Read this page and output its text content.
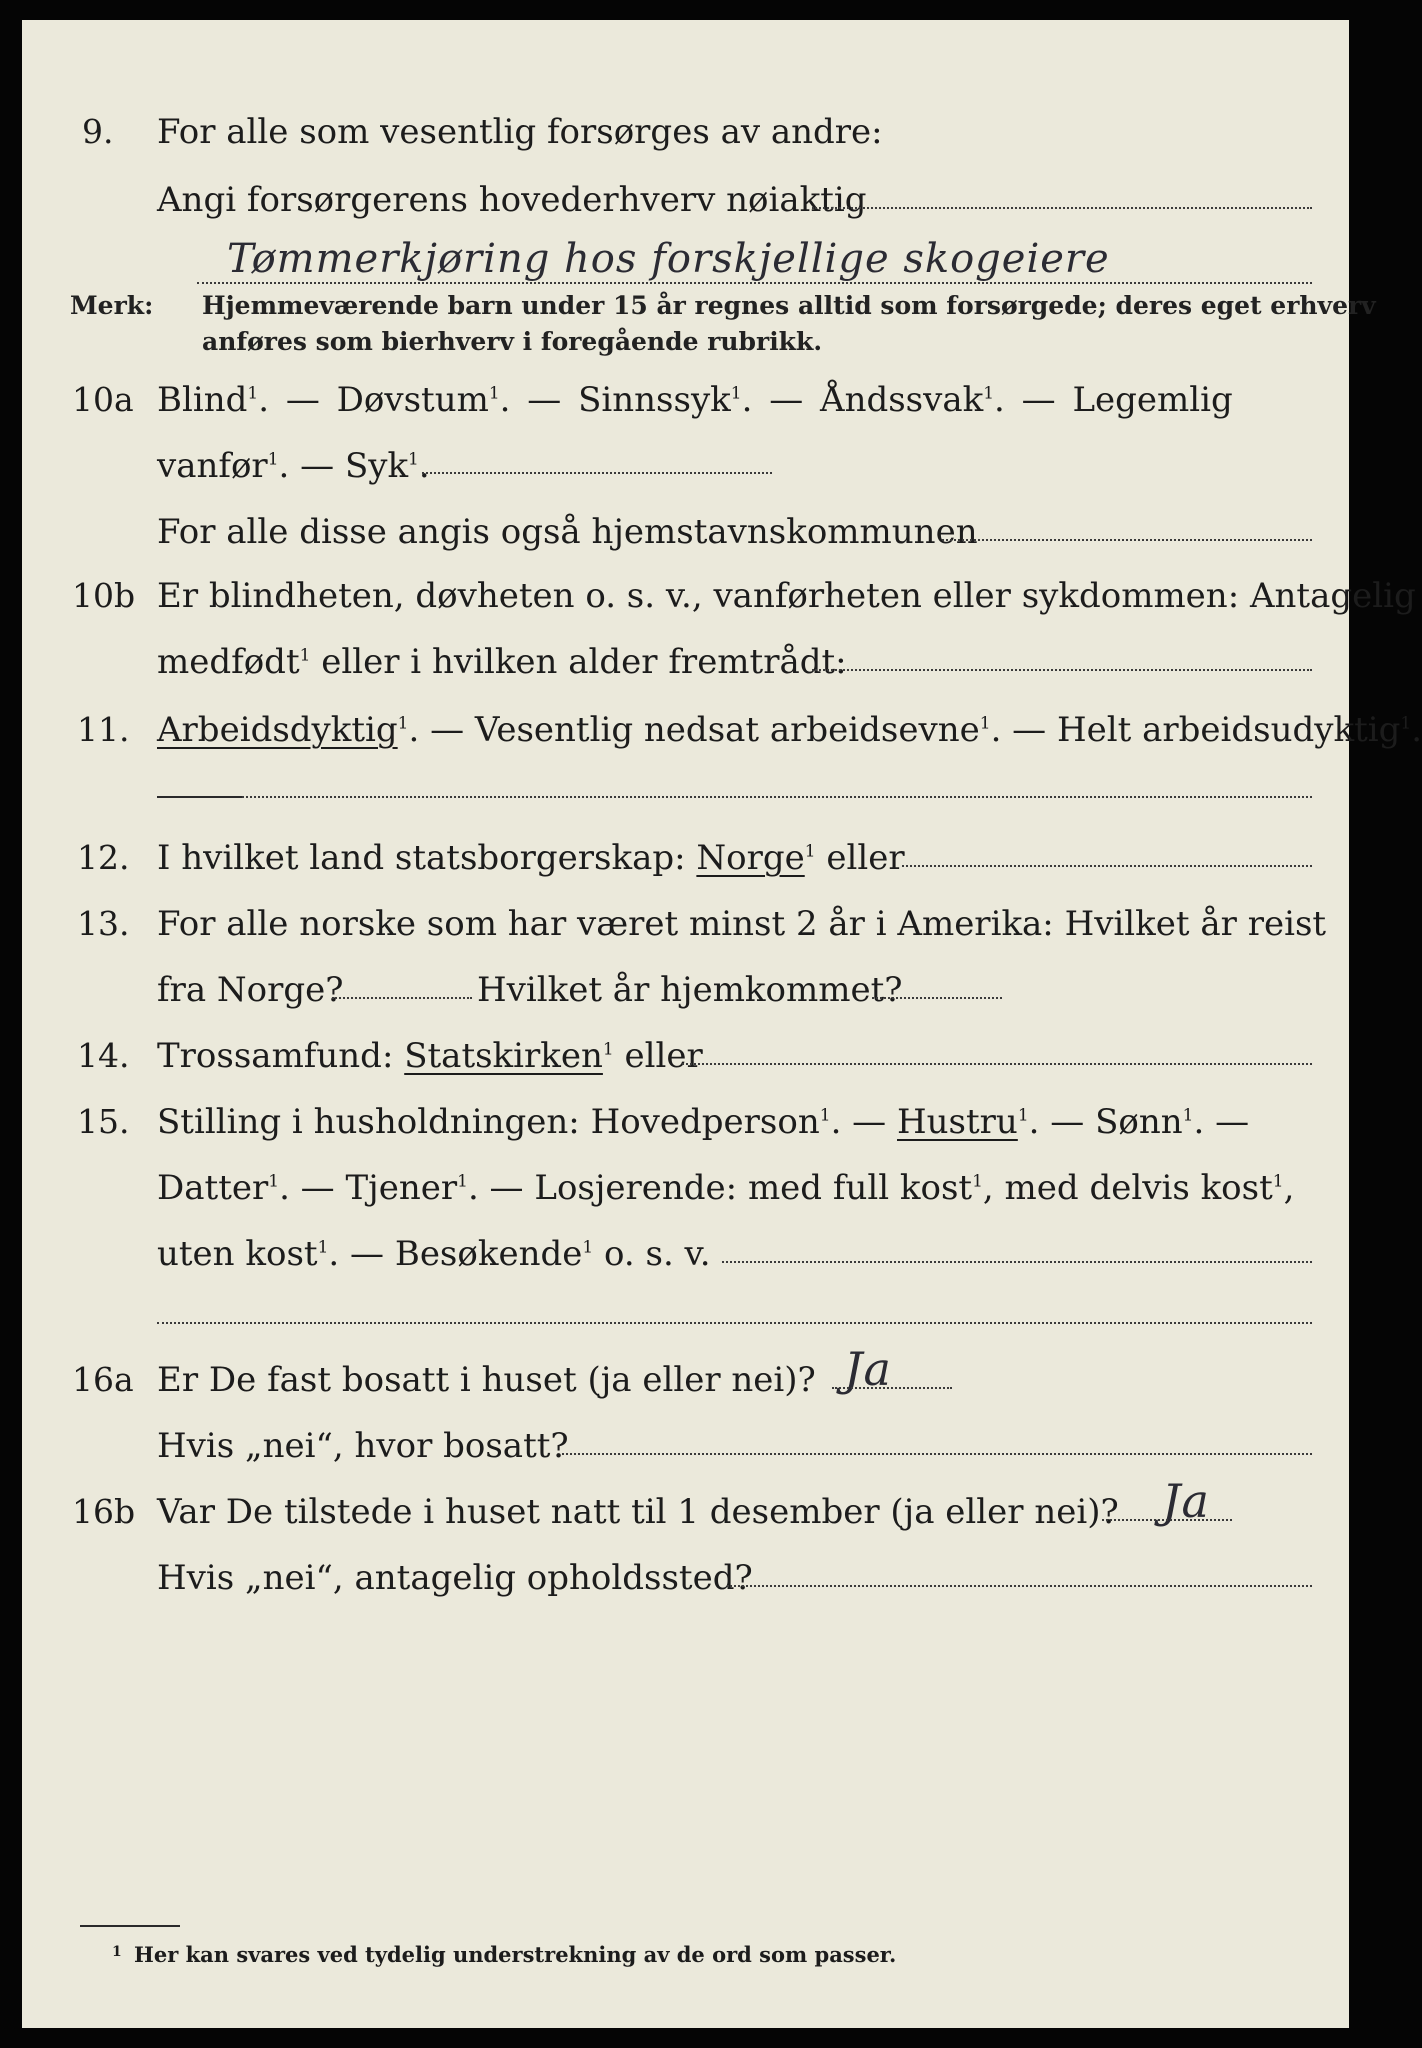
9. For alle som vesentlig forsørges av andre:
Angi forsørgerens hovederhverv nøiaktig
Tømmerkjøring hos forskjellige skogeiere
Merk: Hjemmeværende barn under 15 år regnes alltid som forsørgede; deres eget erhverv
anføres som bierhverv i foregående rubrikk.
10a Blind$^1$. — Døvstum$^1$. — Sinnssyk$^1$. — Åndssvak$^1$. — Legemlig
vanfør$^1$. — Syk$^1$.
For alle disse angis også hjemstavnskommunen
10b Er blindheten, døvheten o. s. v., vanførheten eller sykdommen: Antagelig
medfødt$^1$ eller i hvilken alder fremtrådt:
11. Arbeidsdyktig$^1$. — Vesentlig nedsat arbeidsevne$^1$. — Helt arbeidsudyktig$^1$.
12. I hvilket land statsborgerskap: Norge$^1$ eller
13. For alle norske som har været minst 2 år i Amerika: Hvilket år reist
fra Norge?	Hvilket år hjemkommet?
14. Trossamfund: Statskirken$^1$ eller
15. Stilling i husholdningen: Hovedperson$^1$. — Hustru$^1$. — Sønn$^1$. —
Datter$^1$. — Tjener$^1$. — Losjerende: med full kost$^1$, med delvis kost$^1$,
uten kost$^1$. — Besøkende$^1$ o. s. v.
16a Er De fast bosatt i huset (ja eller nei)? Ja
Hvis „nei“, hvor bosatt?
16b Var De tilstede i huset natt til 1 desember (ja eller nei)? Ja
Hvis „nei“, antagelig opholdssted?
1 Her kan svares ved tydelig understrekning av de ord som passer.
